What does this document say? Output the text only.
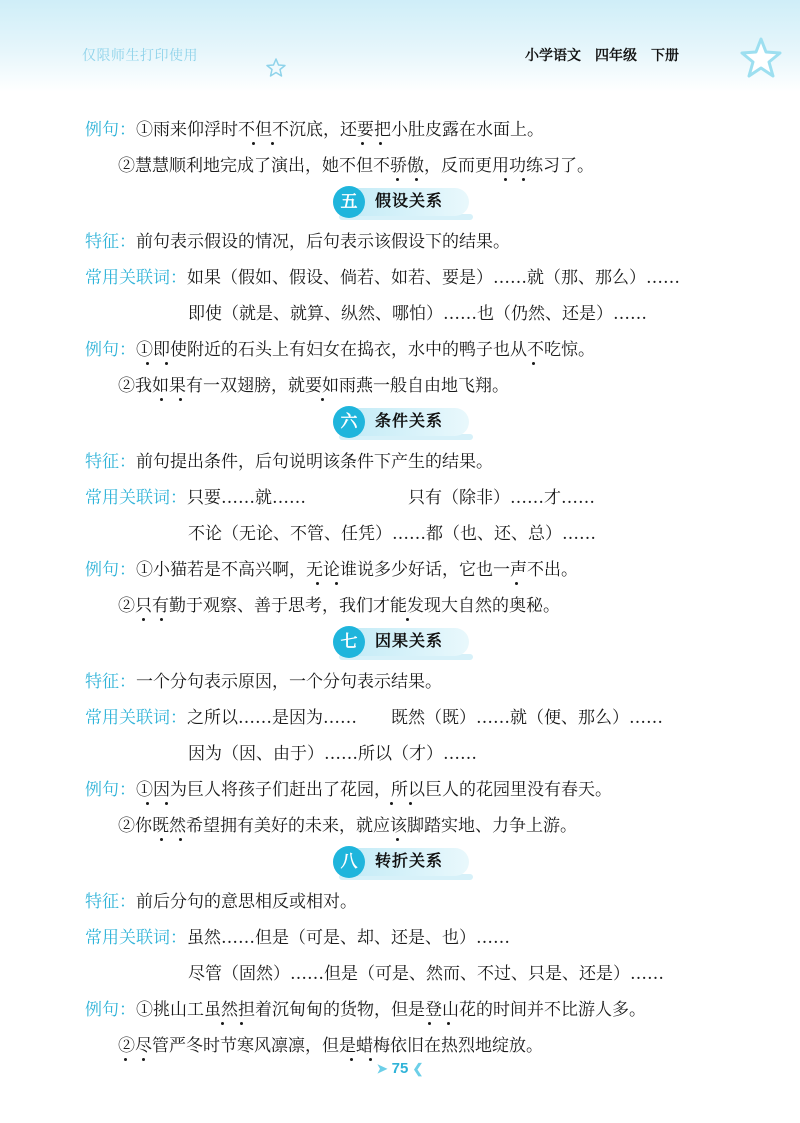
仅限师生打印使用	小学语文　四年级　下册
例句：①雨来仰浮时不但不沉底，还要把小肚皮露在水面上。
②慧慧顺利地完成了演出，她不但不骄傲，反而更用功练习了。
五	假设关系
特征：前句表示假设的情况，后句表示该假设下的结果。
常用关联词：如果（假如、假设、倘若、如若、要是）……就（那、那么）……
即使（就是、就算、纵然、哪怕）……也（仍然、还是）……
例句：①即使附近的石头上有妇女在捣衣，水中的鸭子也从不吃惊。
②我如果有一双翅膀，就要如雨燕一般自由地飞翔。
六	条件关系
特征：前句提出条件，后句说明该条件下产生的结果。
常用关联词：只要……就……　　　　　　只有（除非）……才……
不论（无论、不管、任凭）……都（也、还、总）……
例句：①小猫若是不高兴啊，无论谁说多少好话，它也一声不出。
②只有勤于观察、善于思考，我们才能发现大自然的奥秘。
七	因果关系
特征：一个分句表示原因，一个分句表示结果。
常用关联词：之所以……是因为……　　既然（既）……就（便、那么）……
因为（因、由于）……所以（才）……
例句：①因为巨人将孩子们赶出了花园，所以巨人的花园里没有春天。
②你既然希望拥有美好的未来，就应该脚踏实地、力争上游。
八	转折关系
特征：前后分句的意思相反或相对。
常用关联词：虽然……但是（可是、却、还是、也）……
尽管（固然）……但是（可是、然而、不过、只是、还是）……
例句：①挑山工虽然担着沉甸甸的货物，但是登山花的时间并不比游人多。
②尽管严冬时节寒风凛凛，但是蜡梅依旧在热烈地绽放。
➤ 75 ❮
